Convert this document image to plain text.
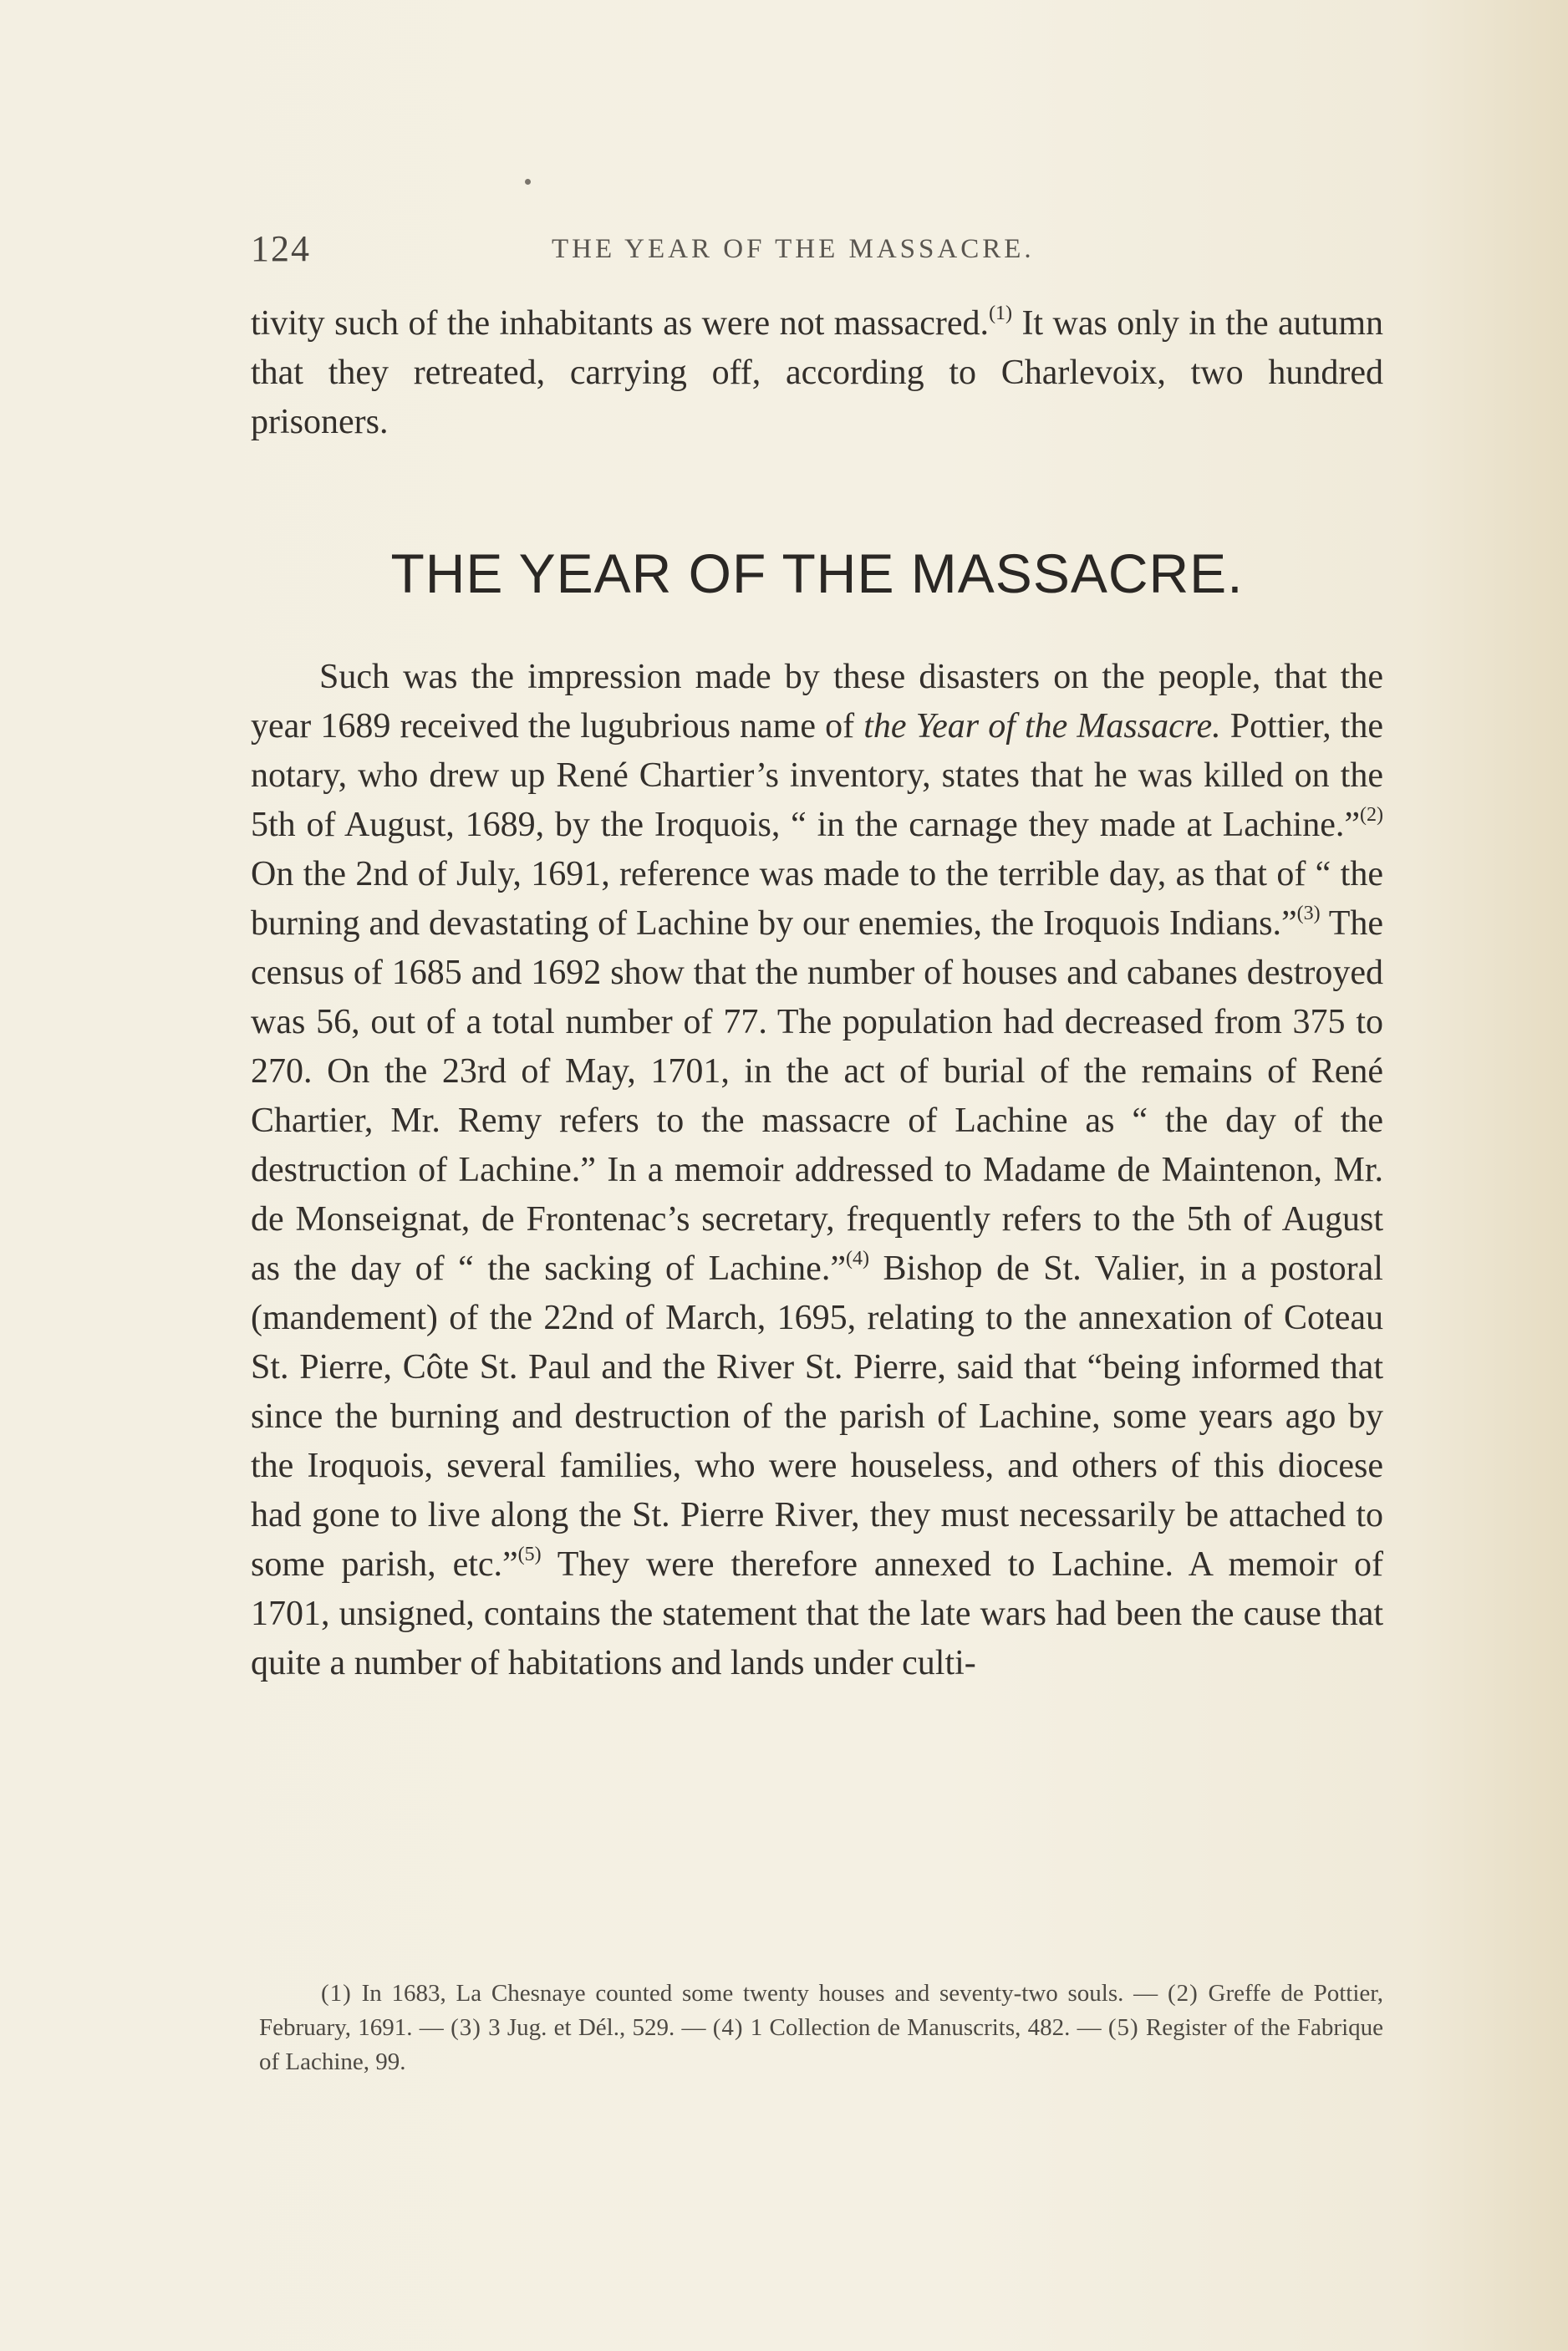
124	THE YEAR OF THE MASSACRE.

tivity such of the inhabitants as were not massacred.$^{(1)}$ It was only in the autumn that they retreated, carrying off, according to Charlevoix, two hundred prisoners.

THE YEAR OF THE MASSACRE.

Such was the impression made by these disasters on the people, that the year 1689 received the lugubrious name of the Year of the Massacre. Pottier, the notary, who drew up René Chartier’s inventory, states that he was killed on the 5th of August, 1689, by the Iroquois, “ in the carnage they made at Lachine.”$^{(2)}$ On the 2nd of July, 1691, reference was made to the terrible day, as that of “ the burning and devastating of Lachine by our enemies, the Iroquois Indians.”$^{(3)}$ The census of 1685 and 1692 show that the number of houses and cabanes destroyed was 56, out of a total number of 77. The population had decreased from 375 to 270. On the 23rd of May, 1701, in the act of burial of the remains of René Chartier, Mr. Remy refers to the massacre of Lachine as “ the day of the destruction of Lachine.” In a memoir addressed to Madame de Maintenon, Mr. de Monseignat, de Frontenac’s secretary, frequently refers to the 5th of August as the day of “ the sacking of Lachine.”$^{(4)}$ Bishop de St. Valier, in a postoral (mandement) of the 22nd of March, 1695, relating to the annexation of Coteau St. Pierre, Côte St. Paul and the River St. Pierre, said that “being informed that since the burning and destruction of the parish of Lachine, some years ago by the Iroquois, several families, who were houseless, and others of this diocese had gone to live along the St. Pierre River, they must necessarily be attached to some parish, etc.”$^{(5)}$ They were therefore annexed to Lachine. A memoir of 1701, unsigned, contains the statement that the late wars had been the cause that quite a number of habitations and lands under culti-

(1) In 1683, La Chesnaye counted some twenty houses and seventy-two souls. — (2) Greffe de Pottier, February, 1691. — (3) 3 Jug. et Dél., 529. — (4) 1 Collection de Manuscrits, 482. — (5) Register of the Fabrique of Lachine, 99.
